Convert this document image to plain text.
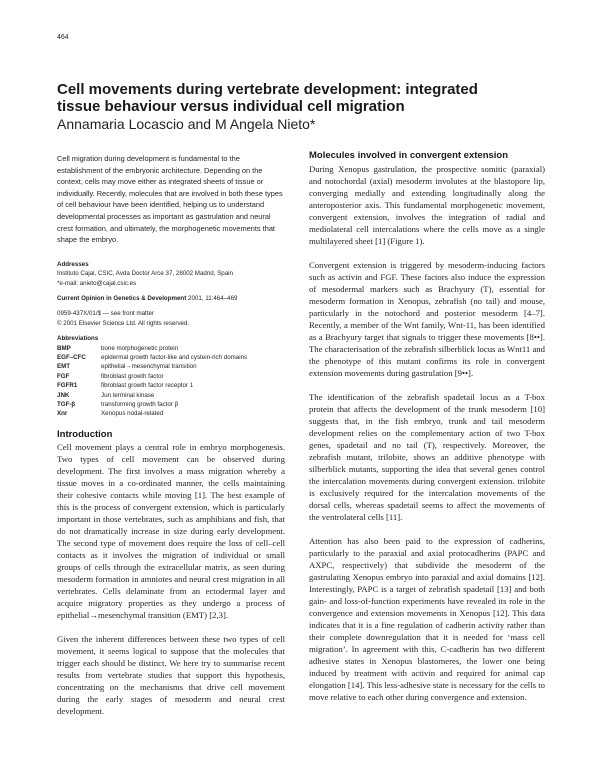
464
Cell movements during vertebrate development: integrated
tissue behaviour versus individual cell migration
Annamaria Locascio and M Angela Nieto*

Cell migration during development is fundamental to the establishment of the embryonic architecture. Depending on the context, cells may move either as integrated sheets of tissue or individually. Recently, molecules that are involved in both these types of cell behaviour have been identified, helping us to understand developmental processes as important as gastrulation and neural crest formation, and ultimately, the morphogenetic movements that shape the embryo.

Addresses
Instituto Cajal, CSIC, Avda Doctor Arce 37, 28002 Madrid, Spain
*e-mail: anieto@cajal.csic.es
Current Opinion in Genetics & Development 2001, 11:464–469
0959-437X/01/$ — see front matter
© 2001 Elsevier Science Ltd. All rights reserved.
Abbreviations
BMP	bone morphogenetic protein
EGF–CFC	epidermal growth factor-like and cystein-rich domains
EMT	epithelial→mesenchymal transition
FGF	fibroblast growth factor
FGFR1	fibroblast growth factor receptor 1
JNK	Jun terminal kinase
TGF-β	transforming growth factor β
Xnr	Xenopus nodal-related
Introduction

Cell movement plays a central role in embryo morphogenesis. Two types of cell movement can be observed during development. The first involves a mass migration whereby a tissue moves in a co-ordinated manner, the cells maintaining their cohesive contacts while moving [1]. The best example of this is the process of convergent extension, which is particularly important in those vertebrates, such as amphibians and fish, that do not dramatically increase in size during early development. The second type of movement does require the loss of cell–cell contacts as it involves the migration of individual or small groups of cells through the extracellular matrix, as seen during mesoderm formation in amniotes and neural crest migration in all vertebrates. Cells delaminate from an ectodermal layer and acquire migratory properties as they undergo a process of epithelial→mesenchymal transition (EMT) [2,3].

Given the inherent differences between these two types of cell movement, it seems logical to suppose that the molecules that trigger each should be distinct. We here try to summarise recent results from vertebrate studies that support this hypothesis, concentrating on the mechanisms that drive cell movement during the early stages of mesoderm and neural crest development.

Molecules involved in convergent extension

During Xenopus gastrulation, the prospective somitic (paraxial) and notochordal (axial) mesoderm involutes at the blastopore lip, converging medially and extending longitudinally along the anteroposterior axis. This fundamental morphogenetic movement, convergent extension, involves the integration of radial and mediolateral cell intercalations where the cells move as a single multilayered sheet [1] (Figure 1).

Convergent extension is triggered by mesoderm-inducing factors such as activin and FGF. These factors also induce the expression of mesodermal markers such as Brachyury (T), essential for mesoderm formation in Xenopus, zebrafish (no tail) and mouse, particularly in the notochord and posterior mesoderm [4–7]. Recently, a member of the Wnt family, Wnt-11, has been identified as a Brachyury target that signals to trigger these movements [8••]. The characterisation of the zebrafish silberblick locus as Wnt11 and the phenotype of this mutant confirms its role in convergent extension movements during gastrulation [9••].

The identification of the zebrafish spadetail locus as a T-box protein that affects the development of the trunk mesoderm [10] suggests that, in the fish embryo, trunk and tail mesoderm development relies on the complementary action of two T-box genes, spadetail and no tail (T), respectively. Moreover, the zebrafish mutant, trilobite, shows an additive phenotype with silberblick mutants, supporting the idea that several genes control the intercalation movements during convergent extension. trilobite is exclusively required for the intercalation movements of the dorsal cells, whereas spadetail seems to affect the movements of the ventrolateral cells [11].

Attention has also been paid to the expression of cadherins, particularly to the paraxial and axial protocadherins (PAPC and AXPC, respectively) that subdivide the mesoderm of the gastrulating Xenopus embryo into paraxial and axial domains [12]. Interestingly, PAPC is a target of zebrafish spadetail [13] and both gain- and loss-of-function experiments have revealed its role in the convergence and extension movements in Xenopus [12]. This data indicates that it is a fine regulation of cadherin activity rather than their complete downregulation that it is needed for ‘mass cell migration’. In agreement with this, C-cadherin has two different adhesive states in Xenopus blastomeres, the lower one being induced by treatment with activin and required for animal cap elongation [14]. This less-adhesive state is necessary for the cells to move relative to each other during convergence and extension.
